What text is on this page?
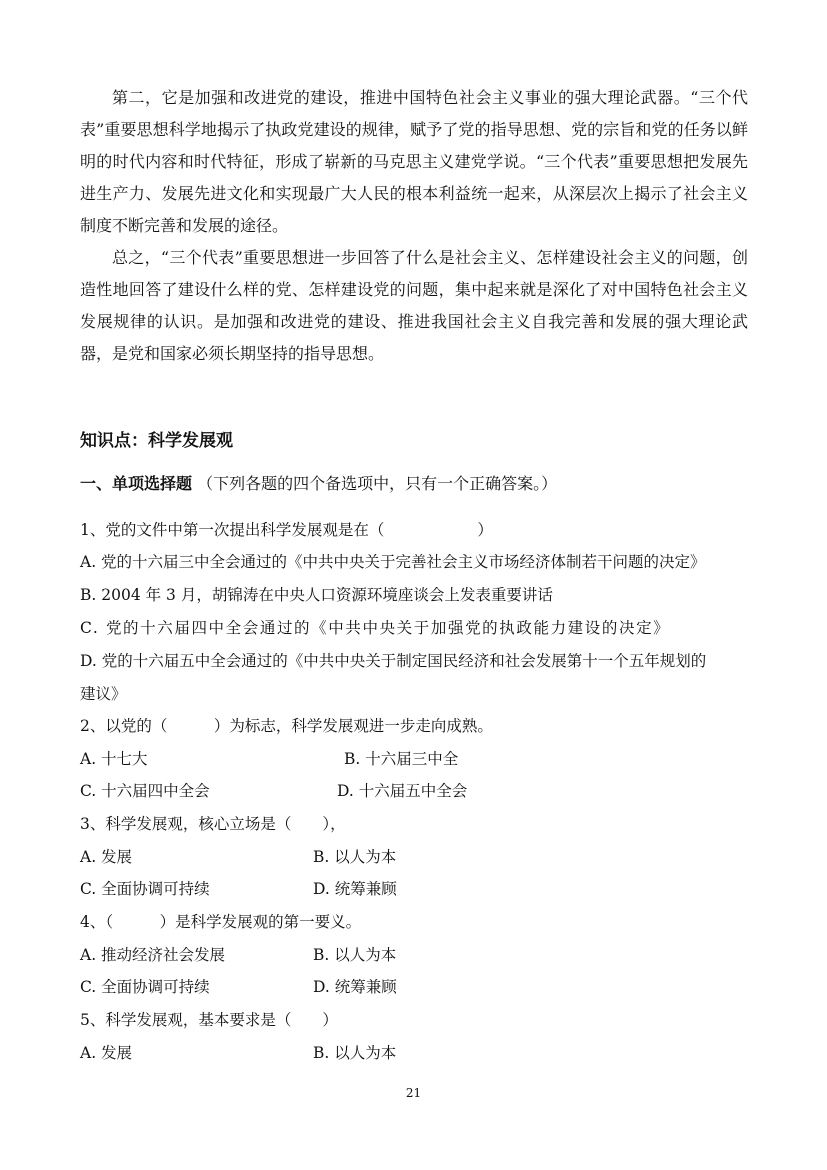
第二，它是加强和改进党的建设，推进中国特色社会主义事业的强大理论武器。“三个代表”重要思想科学地揭示了执政党建设的规律，赋予了党的指导思想、党的宗旨和党的任务以鲜明的时代内容和时代特征，形成了崭新的马克思主义建党学说。“三个代表”重要思想把发展先进生产力、发展先进文化和实现最广大人民的根本利益统一起来，从深层次上揭示了社会主义制度不断完善和发展的途径。

总之，“三个代表”重要思想进一步回答了什么是社会主义、怎样建设社会主义的问题，创造性地回答了建设什么样的党、怎样建设党的问题，集中起来就是深化了对中国特色社会主义发展规律的认识。是加强和改进党的建设、推进我国社会主义自我完善和发展的强大理论武器，是党和国家必须长期坚持的指导思想。

知识点：科学发展观

一、单项选择题 （下列各题的四个备选项中，只有一个正确答案。）

1、党的文件中第一次提出科学发展观是在（　　　　　　）

A. 党的十六届三中全会通过的《中共中央关于完善社会主义市场经济体制若干问题的决定》

B. 2004 年 3 月，胡锦涛在中央人口资源环境座谈会上发表重要讲话

C. 党的十六届四中全会通过的《中共中央关于加强党的执政能力建设的决定》

D. 党的十六届五中全会通过的《中共中央关于制定国民经济和社会发展第十一个五年规划的

建议》

2、以党的（　　　）为标志，科学发展观进一步走向成熟。

A. 十七大	B. 十六届三中全
C. 十六届四中全会	D. 十六届五中全会

3、科学发展观，核心立场是（　　），

A. 发展	B. 以人为本
C. 全面协调可持续	D. 统筹兼顾

4、（　　　）是科学发展观的第一要义。

A. 推动经济社会发展	B. 以人为本
C. 全面协调可持续	D. 统筹兼顾

5、科学发展观，基本要求是（　　）

A. 发展	B. 以人为本
21
